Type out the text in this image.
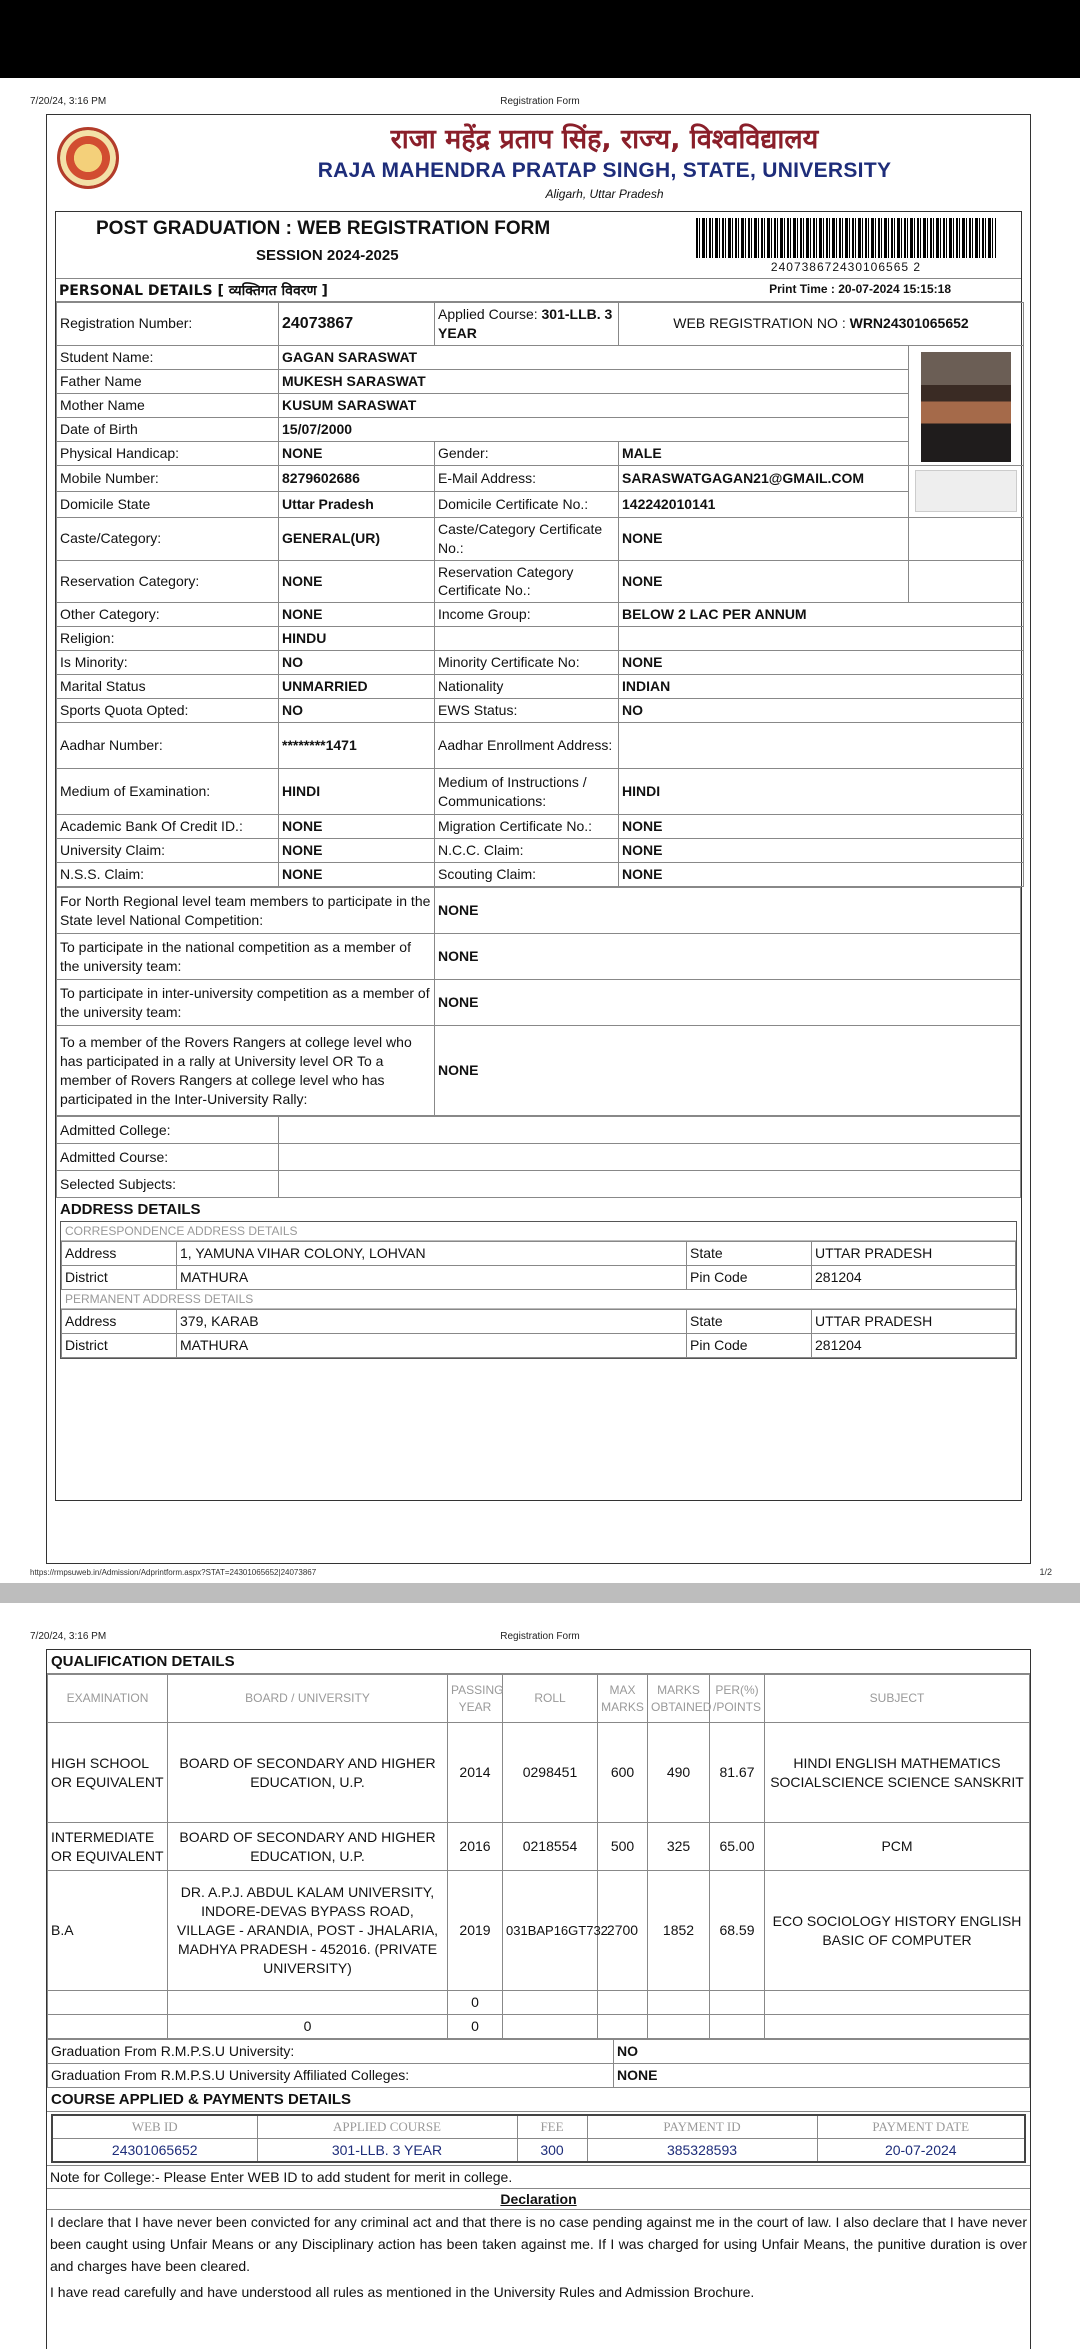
7/20/24, 3:16 PM	Registration Form
राजा महेंद्र प्रताप सिंह, राज्य, विश्वविद्यालय
RAJA MAHENDRA PRATAP SINGH, STATE, UNIVERSITY
Aligarh, Uttar Pradesh
POST GRADUATION : WEB REGISTRATION FORM
SESSION 2024-2025
240738672430106565 2
PERSONAL DETAILS [ व्यक्तिगत विवरण ]	Print Time : 20-07-2024 15:15:18
Registration Number:	24073867	Applied Course: 301-LLB. 3 YEAR	WEB REGISTRATION NO : WRN24301065652	
Student Name:	GAGAN SARASWAT			

Father Name	MUKESH SARASWAT			
Mother Name	KUSUM SARASWAT			
Date of Birth	15/07/2000			
Physical Handicap:	NONE	Gender:	MALE	
Mobile Number:	8279602686	E-Mail Address:	SARASWATGAGAN21@GMAIL.COM	

Domicile State	Uttar Pradesh	Domicile Certificate No.:	142242010141	
Caste/Category:	GENERAL(UR)	Caste/Category Certificate No.:	NONE	
Reservation Category:	NONE	Reservation Category Certificate No.:	NONE	
Other Category:	NONE	Income Group:	BELOW 2 LAC PER ANNUM	
Religion:	HINDU			
Is Minority:	NO	Minority Certificate No:	NONE	
Marital Status	UNMARRIED	Nationality	INDIAN	
Sports Quota Opted:	NO	EWS Status:	NO	
Aadhar Number:	********1471	Aadhar Enrollment Address:		
Medium of Examination:	HINDI	Medium of Instructions / Communications:	HINDI	
Academic Bank Of Credit ID.:	NONE	Migration Certificate No.:	NONE	
University Claim:	NONE	N.C.C. Claim:	NONE	
N.S.S. Claim:	NONE	Scouting Claim:	NONE	
For North Regional level team members to participate in the State level National Competition:	NONE
To participate in the national competition as a member of the university team:	NONE
To participate in inter-university competition as a member of the university team:	NONE
To a member of the Rovers Rangers at college level who has participated in a rally at University level OR To a member of Rovers Rangers at college level who has participated in the Inter-University Rally:	NONE
Admitted College:	
Admitted Course:	
Selected Subjects:	
ADDRESS DETAILS
CORRESPONDENCE ADDRESS DETAILS
Address	1, YAMUNA VIHAR COLONY, LOHVAN	State	UTTAR PRADESH
District	MATHURA	Pin Code	281204
PERMANENT ADDRESS DETAILS
Address	379, KARAB	State	UTTAR PRADESH
District	MATHURA	Pin Code	281204
https://rmpsuweb.in/Admission/Adprintform.aspx?STAT=24301065652|24073867	1/2
7/20/24, 3:16 PM	Registration Form
QUALIFICATION DETAILS
EXAMINATION	BOARD / UNIVERSITY	PASSING YEAR	ROLL	MAX MARKS	MARKS OBTAINED	PER(%) /POINTS	SUBJECT
HIGH SCHOOL OR EQUIVALENT	BOARD OF SECONDARY AND HIGHER EDUCATION, U.P.	2014	0298451	600	490	81.67	HINDI ENGLISH MATHEMATICS SOCIALSCIENCE SCIENCE SANSKRIT
INTERMEDIATE OR EQUIVALENT	BOARD OF SECONDARY AND HIGHER EDUCATION, U.P.	2016	0218554	500	325	65.00	PCM
B.A	DR. A.P.J. ABDUL KALAM UNIVERSITY, INDORE-DEVAS BYPASS ROAD, VILLAGE - ARANDIA, POST - JHALARIA, MADHYA PRADESH - 452016. (PRIVATE UNIVERSITY)	2019	031BAP16GT732	2700	1852	68.59	ECO SOCIOLOGY HISTORY ENGLISH BASIC OF COMPUTER
		0					
	0	0					
Graduation From R.M.P.S.U University:	NO
Graduation From R.M.P.S.U University Affiliated Colleges:	NONE
COURSE APPLIED & PAYMENTS DETAILS
WEB ID	APPLIED COURSE	FEE	PAYMENT ID	PAYMENT DATE
24301065652	301-LLB. 3 YEAR	300	385328593	20-07-2024
Note for College:- Please Enter WEB ID to add student for merit in college.
Declaration
I declare that I have never been convicted for any criminal act and that there is no case pending against me in the court of law. I also declare that I have never been caught using Unfair Means or any Disciplinary action has been taken against me. If I was charged for using Unfair Means, the punitive duration is over and charges have been cleared.
I have read carefully and have understood all rules as mentioned in the University Rules and Admission Brochure.
